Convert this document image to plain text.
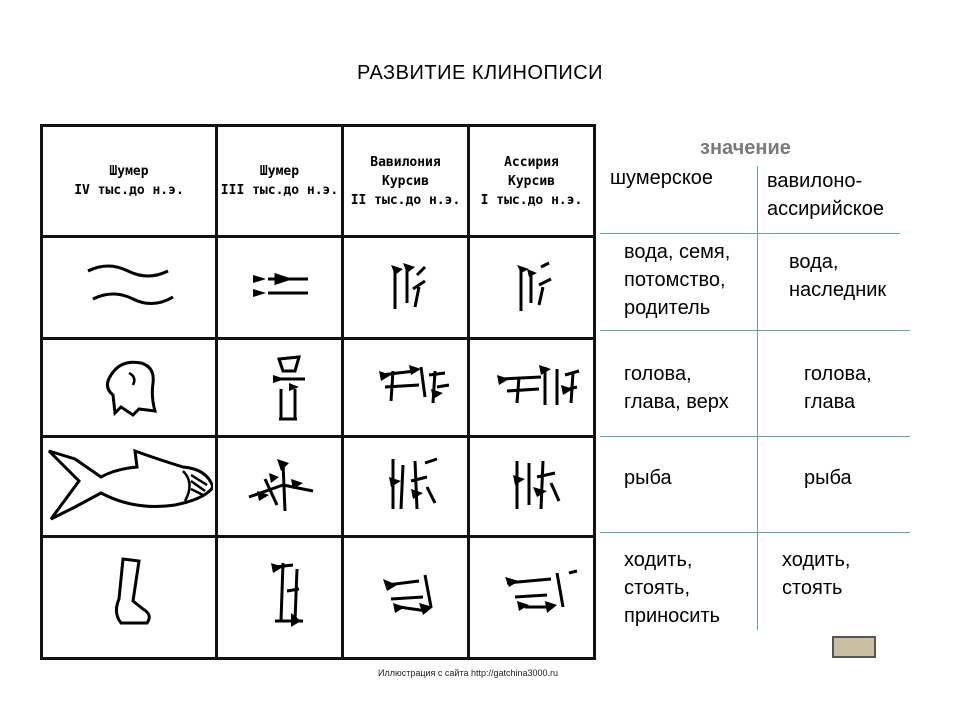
РАЗВИТИЕ КЛИНОПИСИ
Шумер
IV тыс.до н.э.
Шумер
III тыс.до н.э.
Вавилония
Курсив
II тыс.до н.э.
Ассирия
Курсив
I тыс.до н.э.
значение
шумерское	вавилоно-
ассирийское
вода, семя,
потомство,
родитель
вода,
наследник
голова,
глава, верх
голова,
глава
рыба	рыба
ходить,
стоять,
приносить
ходить,
стоять
Иллюстрация с сайта http://gatchina3000.ru
